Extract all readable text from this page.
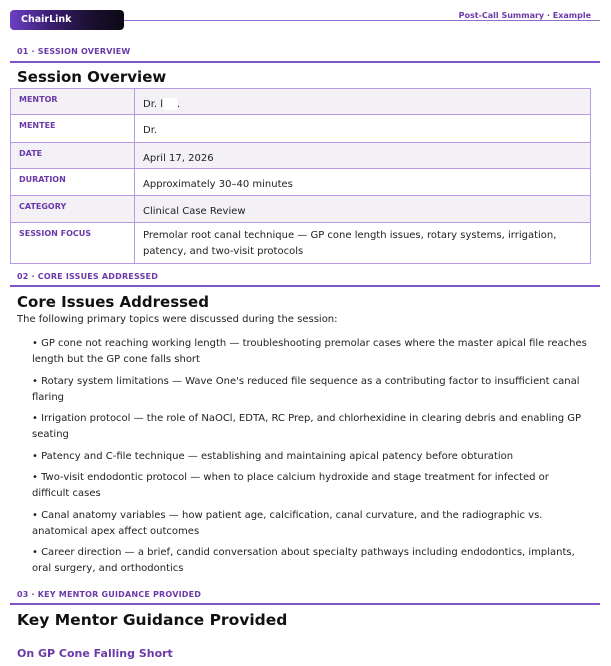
ChairLink	Post-Call Summary · Example
01 · SESSION OVERVIEW
Session Overview
MENTOR	Dr. l .
MENTEE	Dr.
DATE	April 17, 2026
DURATION	Approximately 30–40 minutes
CATEGORY	Clinical Case Review
SESSION FOCUS	Premolar root canal technique — GP cone length issues, rotary systems, irrigation, patency, and two-visit protocols
02 · CORE ISSUES ADDRESSED
Core Issues Addressed
The following primary topics were discussed during the session:
• GP cone not reaching working length — troubleshooting premolar cases where the master apical file reaches length but the GP cone falls short
• Rotary system limitations — Wave One's reduced file sequence as a contributing factor to insufficient canal flaring
• Irrigation protocol — the role of NaOCl, EDTA, RC Prep, and chlorhexidine in clearing debris and enabling GP seating
• Patency and C-file technique — establishing and maintaining apical patency before obturation
• Two-visit endodontic protocol — when to place calcium hydroxide and stage treatment for infected or difficult cases
• Canal anatomy variables — how patient age, calcification, canal curvature, and the radiographic vs. anatomical apex affect outcomes
• Career direction — a brief, candid conversation about specialty pathways including endodontics, implants, oral surgery, and orthodontics
03 · KEY MENTOR GUIDANCE PROVIDED
Key Mentor Guidance Provided
On GP Cone Falling Short
